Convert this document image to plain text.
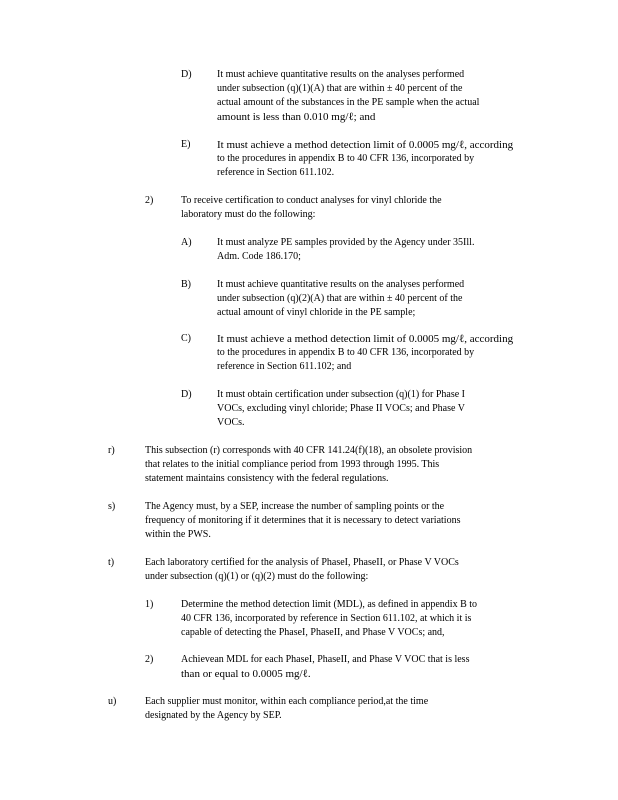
D)	It must achieve quantitative results on the analyses performed
under subsection (q)(1)(A) that are within ± 40 percent of the
actual amount of the substances in the PE sample when the actual
amount is less than 0.010 mg/ℓ; and
E) It must achieve a method detection limit of 0.0005 mg/ℓ, according
to the procedures in appendix B to 40 CFR 136, incorporated by
reference in Section 611.102.
2)	To receive certification to conduct analyses for vinyl chloride the
laboratory must do the following:
A)	It must analyze PE samples provided by the Agency under 35Ill.
Adm. Code 186.170;
B)	It must achieve quantitative results on the analyses performed
under subsection (q)(2)(A) that are within ± 40 percent of the
actual amount of vinyl chloride in the PE sample;
C) It must achieve a method detection limit of 0.0005 mg/ℓ, according
to the procedures in appendix B to 40 CFR 136, incorporated by
reference in Section 611.102; and
D)	It must obtain certification under subsection (q)(1) for Phase I
VOCs, excluding vinyl chloride; Phase II VOCs; and Phase V
VOCs.
r)	This subsection (r) corresponds with 40 CFR 141.24(f)(18), an obsolete provision
that relates to the initial compliance period from 1993 through 1995. This
statement maintains consistency with the federal regulations.
s)	The Agency must, by a SEP, increase the number of sampling points or the
frequency of monitoring if it determines that it is necessary to detect variations
within the PWS.
t)	Each laboratory certified for the analysis of PhaseI, PhaseII, or Phase V VOCs
under subsection (q)(1) or (q)(2) must do the following:
1)	Determine the method detection limit (MDL), as defined in appendix B to
40 CFR 136, incorporated by reference in Section 611.102, at which it is
capable of detecting the PhaseI, PhaseII, and Phase V VOCs; and,
2)	Achievean MDL for each PhaseI, PhaseII, and Phase V VOC that is less
than or equal to 0.0005 mg/ℓ.
u)	Each supplier must monitor, within each compliance period,at the time
designated by the Agency by SEP.
